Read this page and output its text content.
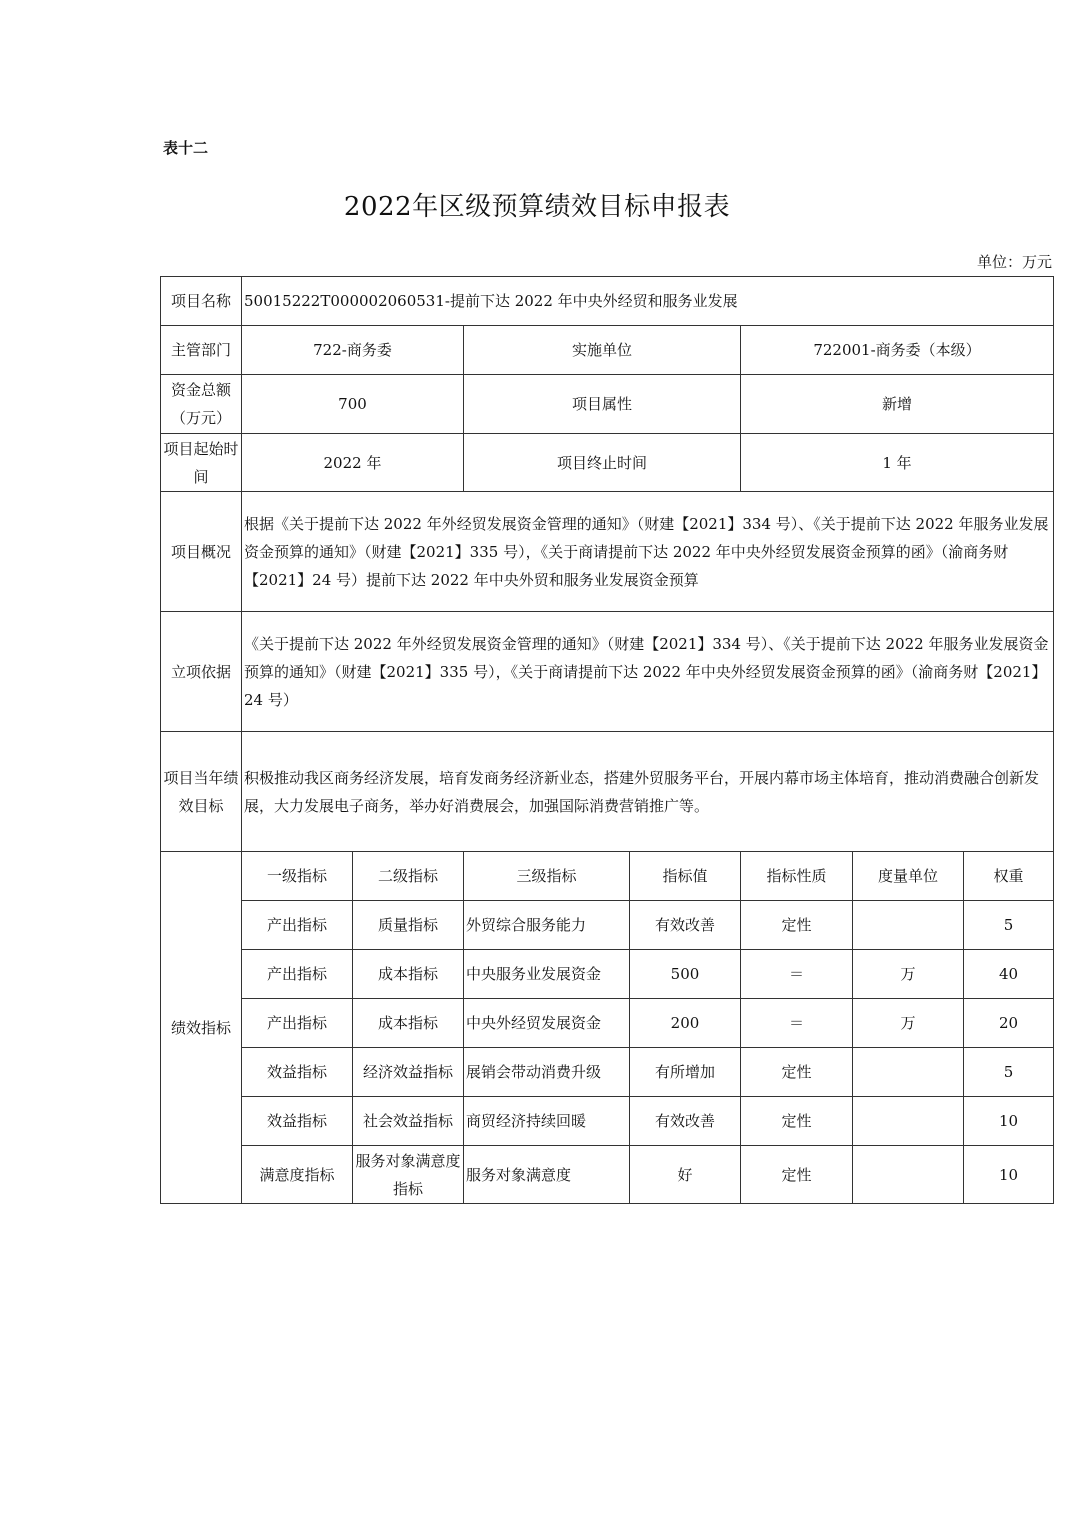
表十二
2022年区级预算绩效目标申报表
单位：万元
项目名称	50015222T000002060531-提前下达 2022 年中央外经贸和服务业发展						
主管部门	722-商务委		实施单位		722001-商务委（本级）		
资金总额（万元）	700		项目属性		新增		
项目起始时间	2022 年		项目终止时间		1 年		
项目概况	根据《关于提前下达 2022 年外经贸发展资金管理的通知》（财建【2021】334 号）、《关于提前下达 2022 年服务业发展资金预算的通知》（财建【2021】335 号），《关于商请提前下达 2022 年中央外经贸发展资金预算的函》（渝商务财【2021】24 号）提前下达 2022 年中央外贸和服务业发展资金预算						
立项依据	《关于提前下达 2022 年外经贸发展资金管理的通知》（财建【2021】334 号）、《关于提前下达 2022 年服务业发展资金预算的通知》（财建【2021】335 号），《关于商请提前下达 2022 年中央外经贸发展资金预算的函》（渝商务财【2021】24 号）						
项目当年绩效目标	积极推动我区商务经济发展，培育发商务经济新业态，搭建外贸服务平台，开展内幕市场主体培育，推动消费融合创新发展，大力发展电子商务，举办好消费展会，加强国际消费营销推广等。						
绩效指标	一级指标	二级指标	三级指标	指标值	指标性质	度量单位	权重
	产出指标	质量指标	外贸综合服务能力	有效改善	定性		5
	产出指标	成本指标	中央服务业发展资金	500	＝	万	40
	产出指标	成本指标	中央外经贸发展资金	200	＝	万	20
	效益指标	经济效益指标	展销会带动消费升级	有所增加	定性		5
	效益指标	社会效益指标	商贸经济持续回暖	有效改善	定性		10
	满意度指标	服务对象满意度指标	服务对象满意度	好	定性		10
